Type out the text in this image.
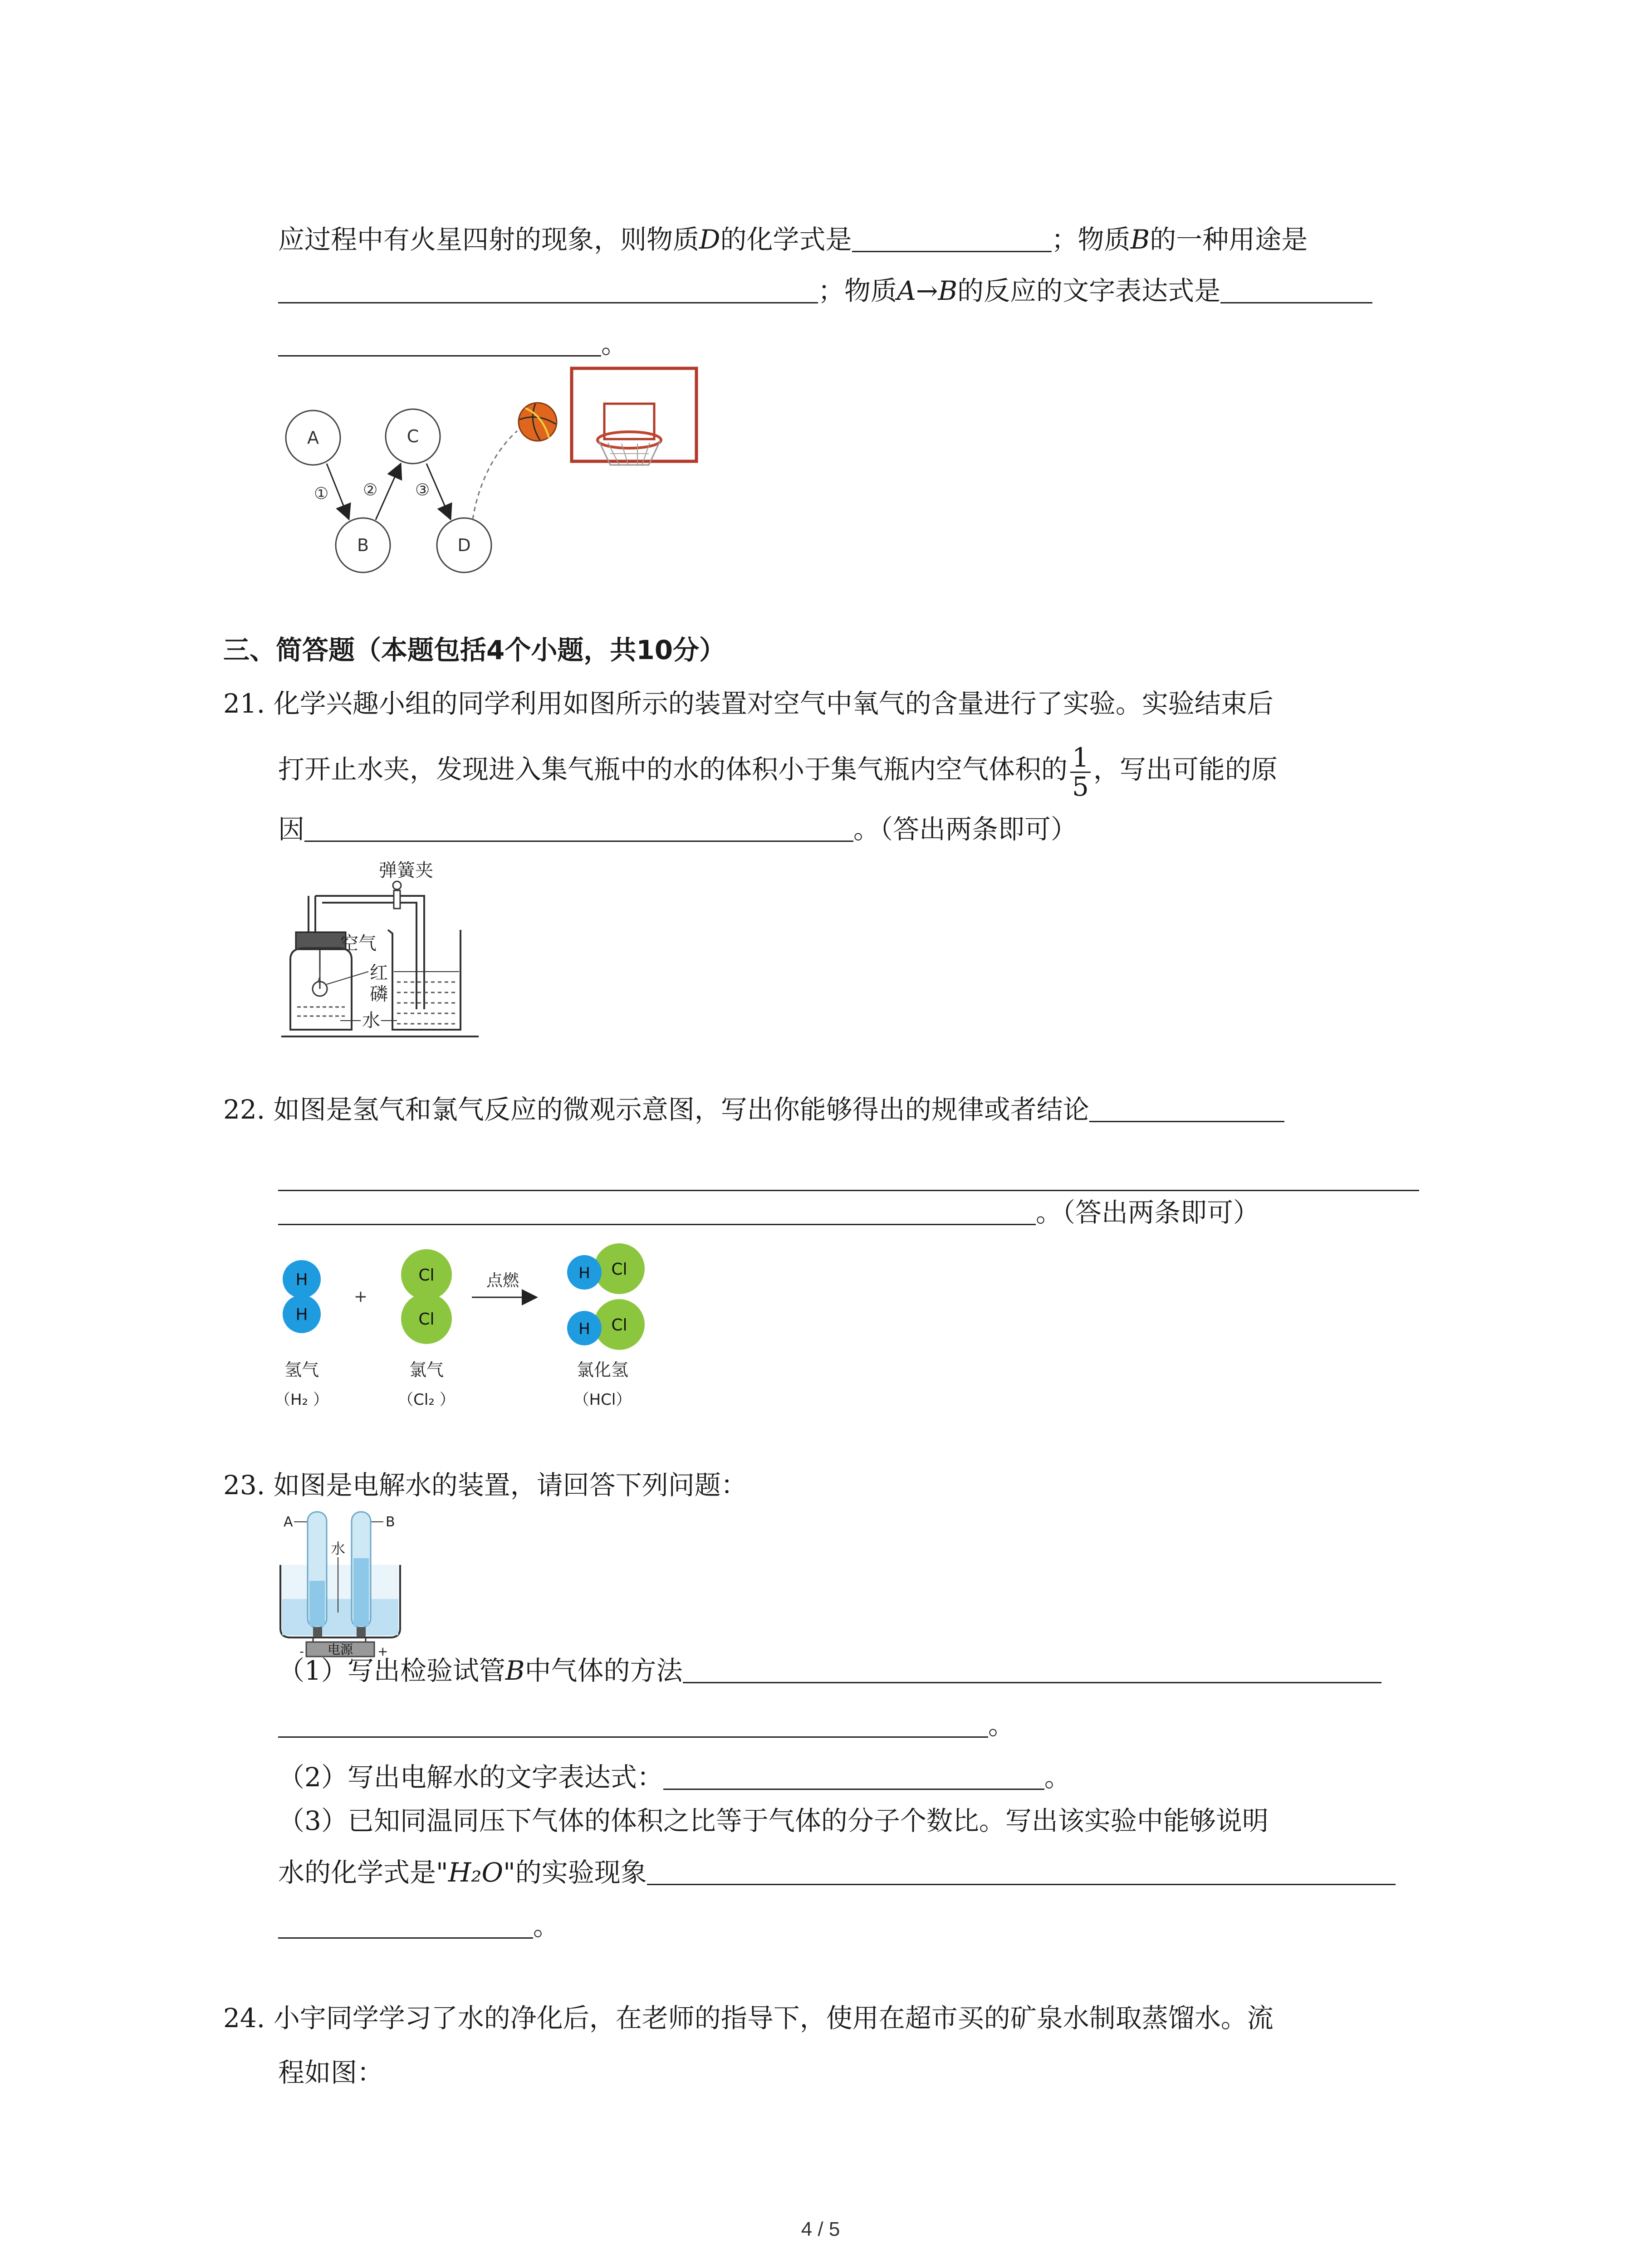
应过程中有火星四射的现象，则物质D的化学式是	；物质B的一种用途是
；物质A→B的反应的文字表达式是
。
A	C
B	D
① ② ③
三、简答题（本题包括4个小题，共10分）
21. 化学兴趣小组的同学利用如图所示的装置对空气中氧气的含量进行了实验。实验结束后
打开止水夹，发现进入集气瓶中的水的体积小于集气瓶内空气体积的 $\frac{1}{5}$ ，写出可能的原
因	。（答出两条即可）
弹簧夹
空气
红
磷
水
22. 如图是氢气和氯气反应的微观示意图，写出你能够得出的规律或者结论
。（答出两条即可）
H
H
+
Cl
Cl
点燃
Cl
H
Cl
H
氢气
（H₂ ）
氯气
（Cl₂ ）
氯化氢
（HCl）
23. 如图是电解水的装置，请回答下列问题：
A	B
水
电源
-	+
（1）写出检验试管B中气体的方法
。
（2）写出电解水的文字表达式：	。
（3）已知同温同压下气体的体积之比等于气体的分子个数比。写出该实验中能够说明
水的化学式是"H₂O"的实验现象
。
24. 小宇同学学习了水的净化后，在老师的指导下，使用在超市买的矿泉水制取蒸馏水。流
程如图：
4 / 5
